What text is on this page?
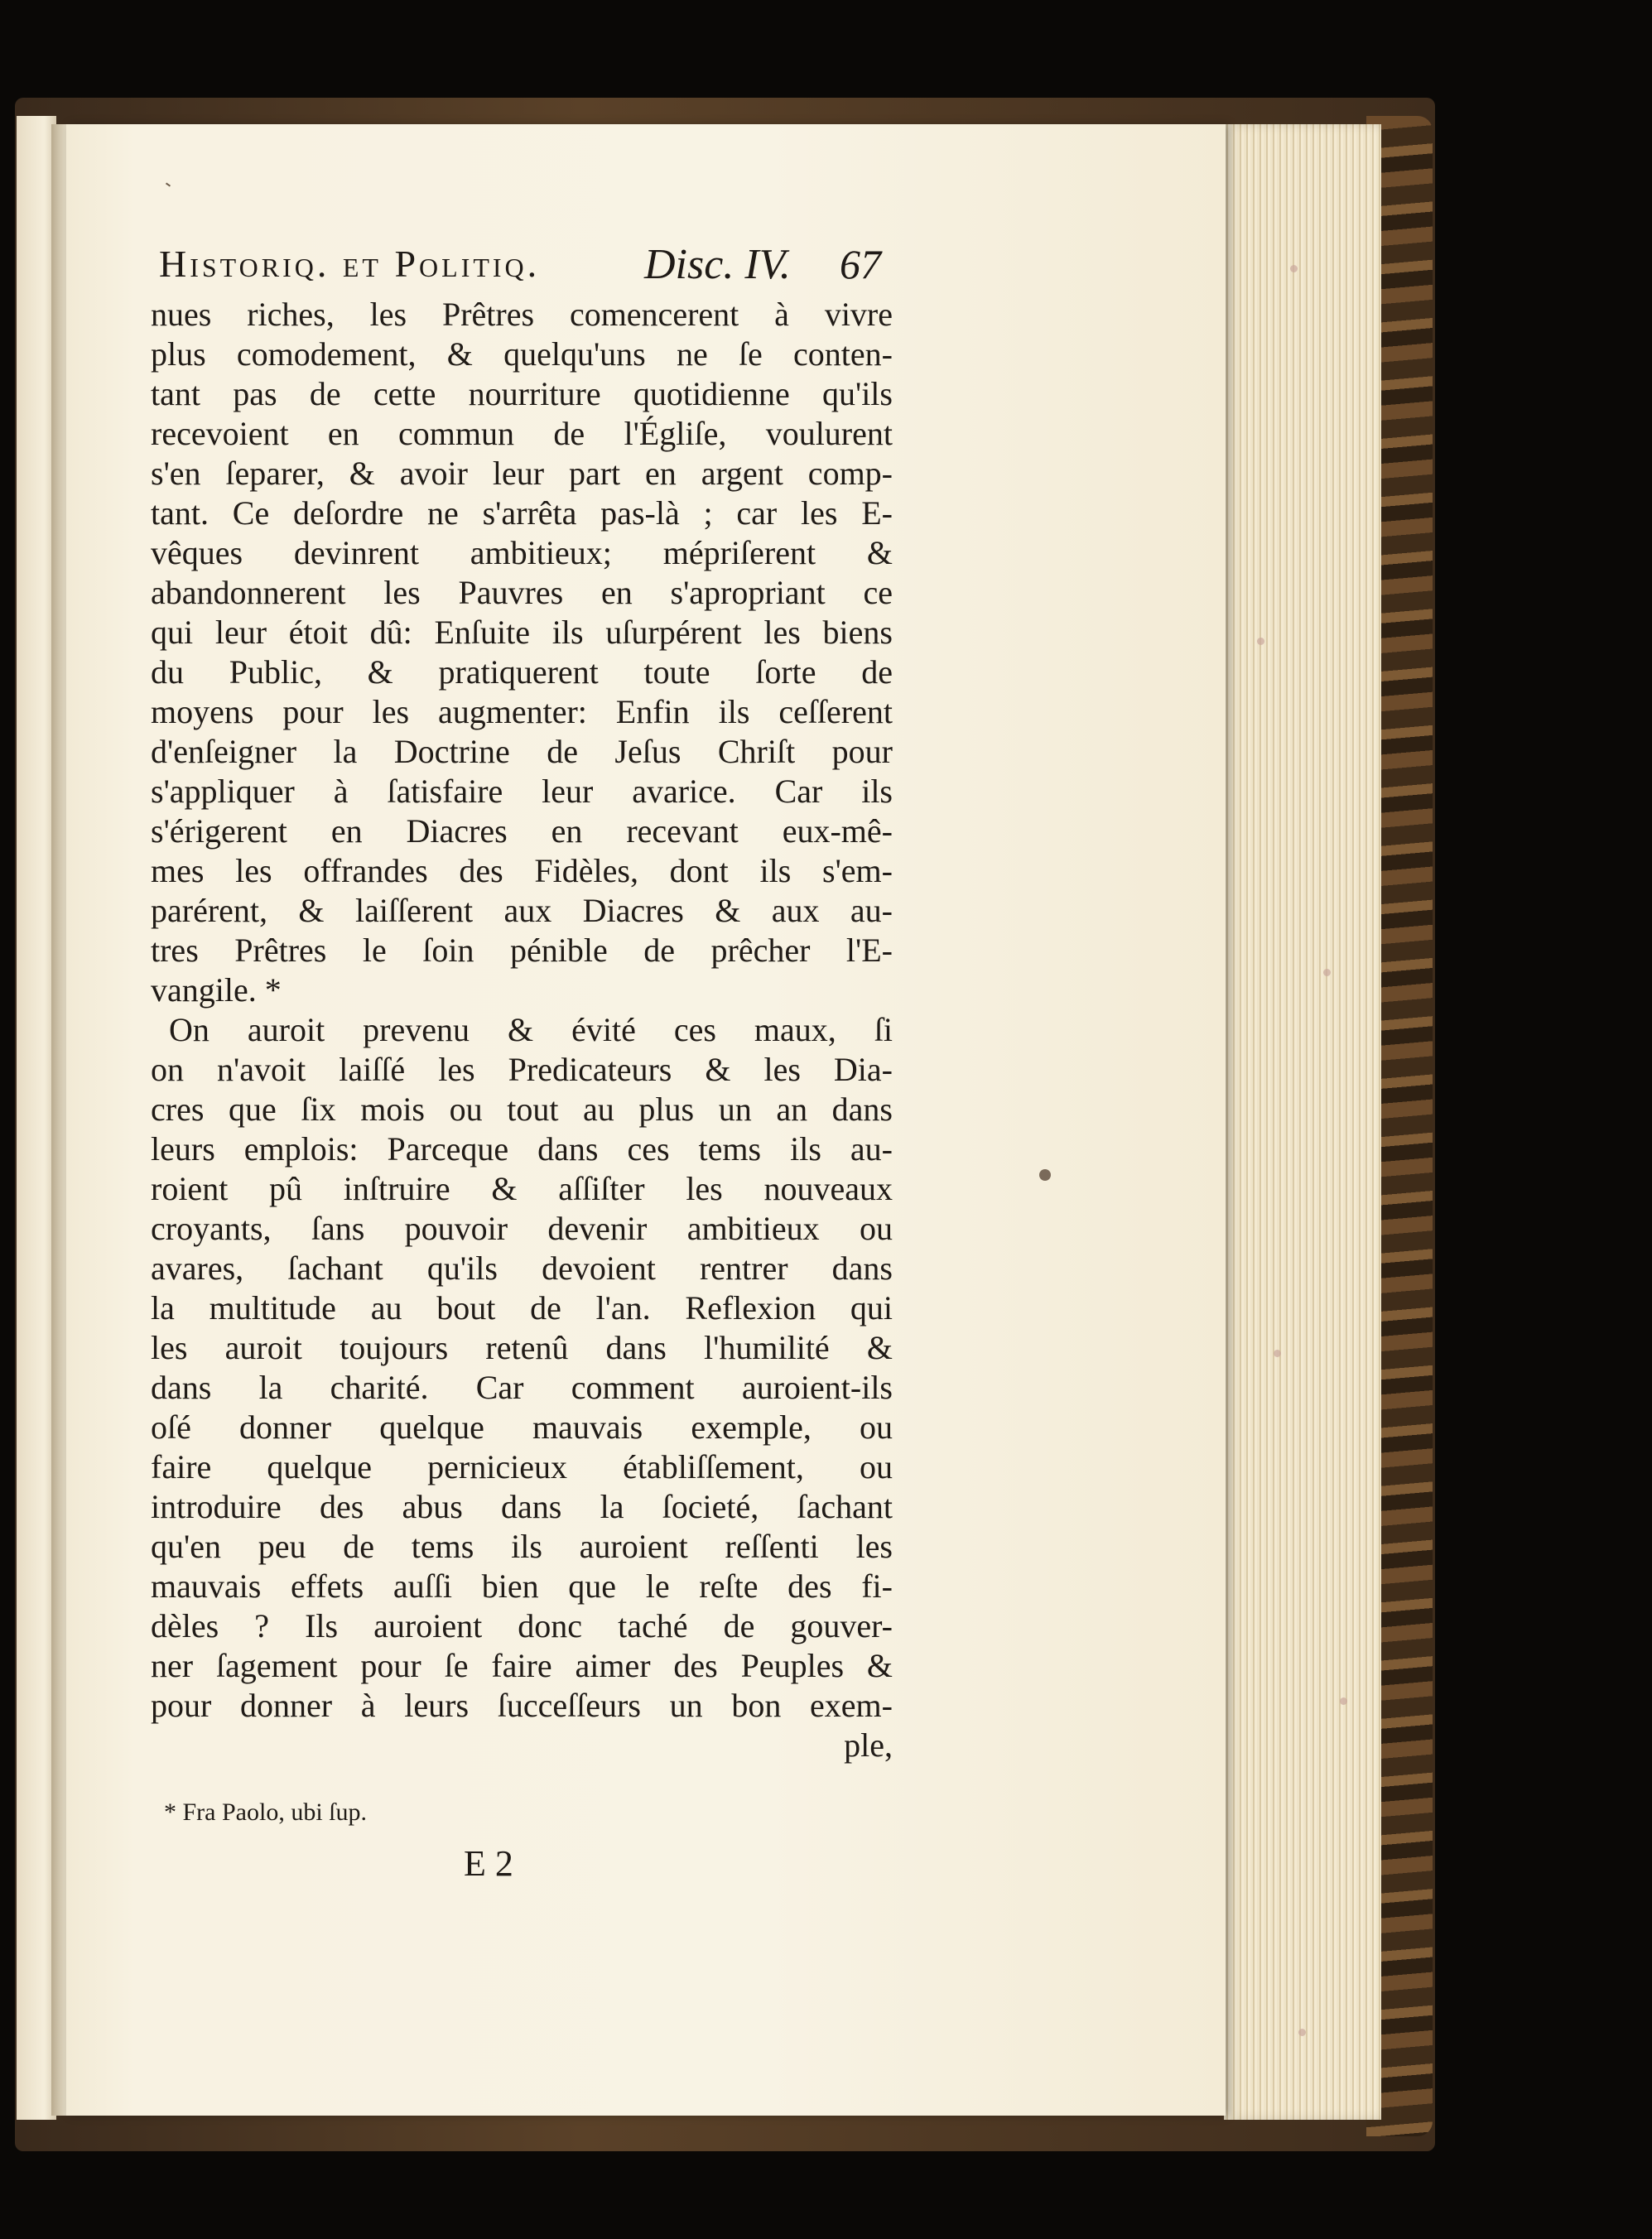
Historiq. et Politiq. Disc. IV. 67
nues riches, les Prêtres comencerent à vivre
plus comodement, & quelqu'uns ne ſe conten-
tant pas de cette nourriture quotidienne qu'ils
recevoient en commun de l'Égliſe, voulurent
s'en ſeparer, & avoir leur part en argent comp-
tant. Ce deſordre ne s'arrêta pas-là ; car les E-
vêques devinrent ambitieux; mépriſerent &
abandonnerent les Pauvres en s'apropriant ce
qui leur étoit dû: Enſuite ils uſurpérent les biens
du Public, & pratiquerent toute ſorte de
moyens pour les augmenter: Enfin ils ceſſerent
d'enſeigner la Doctrine de Jeſus Chriſt pour
s'appliquer à ſatisfaire leur avarice. Car ils
s'érigerent en Diacres en recevant eux-mê-
mes les offrandes des Fidèles, dont ils s'em-
parérent, & laiſſerent aux Diacres & aux au-
tres Prêtres le ſoin pénible de prêcher l'E-
vangile. *
On auroit prevenu & évité ces maux, ſi
on n'avoit laiſſé les Predicateurs & les Dia-
cres que ſix mois ou tout au plus un an dans
leurs emplois: Parceque dans ces tems ils au-
roient pû inſtruire & aſſiſter les nouveaux
croyants, ſans pouvoir devenir ambitieux ou
avares, ſachant qu'ils devoient rentrer dans
la multitude au bout de l'an. Reflexion qui
les auroit toujours retenû dans l'humilité &
dans la charité. Car comment auroient-ils
oſé donner quelque mauvais exemple, ou
faire quelque pernicieux établiſſement, ou
introduire des abus dans la ſocieté, ſachant
qu'en peu de tems ils auroient reſſenti les
mauvais effets auſſi bien que le reſte des fi-
dèles ? Ils auroient donc taché de gouver-
ner ſagement pour ſe faire aimer des Peuples &
pour donner à leurs ſucceſſeurs un bon exem-
ple,
* Fra Paolo, ubi ſup.
E 2
